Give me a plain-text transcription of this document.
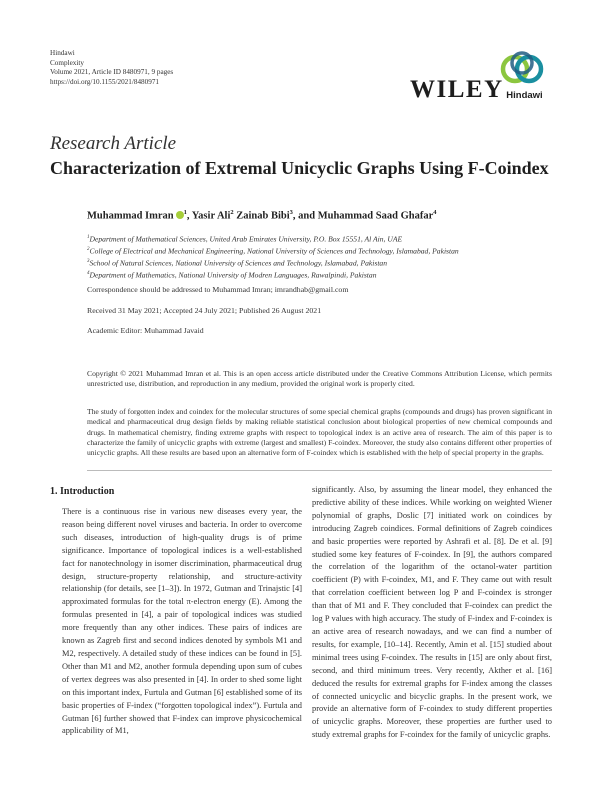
Hindawi
Complexity
Volume 2021, Article ID 8480971, 9 pages
https://doi.org/10.1155/2021/8480971	WILEY Hindawi
Research Article
Characterization of Extremal Unicyclic Graphs Using F-Coindex
Muhammad Imran $^1$, Yasir Ali$^2$ Zainab Bibi$^3$, and Muhammad Saad Ghafar$^4$
$^1$Department of Mathematical Sciences, United Arab Emirates University, P.O. Box 15551, Al Ain, UAE
$^2$College of Electrical and Mechanical Engineering, National University of Sciences and Technology, Islamabad, Pakistan
$^3$School of Natural Sciences, National University of Sciences and Technology, Islamabad, Pakistan
$^4$Department of Mathematics, National University of Modren Languages, Rawalpindi, Pakistan
Correspondence should be addressed to Muhammad Imran; imrandhab@gmail.com
Received 31 May 2021; Accepted 24 July 2021; Published 26 August 2021
Academic Editor: Muhammad Javaid
Copyright © 2021 Muhammad Imran et al. This is an open access article distributed under the Creative Commons Attribution License, which permits unrestricted use, distribution, and reproduction in any medium, provided the original work is properly cited.
The study of forgotten index and coindex for the molecular structures of some special chemical graphs (compounds and drugs) has proven significant in medical and pharmaceutical drug design fields by making reliable statistical conclusion about biological properties of new chemical compounds and drugs. In mathematical chemistry, finding extreme graphs with respect to topological index is an active area of research. The aim of this paper is to characterize the family of unicyclic graphs with extreme (largest and smallest) F-coindex. Moreover, the study also contains different other properties of unicyclic graphs. All these results are based upon an alternative form of F-coindex which is established with the help of special property in the graphs.
1. Introduction
There is a continuous rise in various new diseases every year, the reason being different novel viruses and bacteria. In order to overcome such diseases, introduction of high-quality drugs is of prime significance. Importance of topological indices is a well-established fact for nanotechnology in isomer discrimination, pharmaceutical drug design, structure-property relationship, and structure-activity relationship (for details, see [1–3]). In 1972, Gutman and Trinajstic [4] approximated formulas for the total π-electron energy (E). Among the formulas presented in [4], a pair of topological indices was studied more frequently than any other indices. These pairs of indices are known as Zagreb first and second indices denoted by symbols M1 and M2, respectively. A detailed study of these indices can be found in [5]. Other than M1 and M2, another formula depending upon sum of cubes of vertex degrees was also presented in [4]. In order to shed some light on this important index, Furtula and Gutman [6] established some of its basic properties of F-index (“forgotten topological index”). Furtula and Gutman [6] further showed that F-index can improve physicochemical applicability of M1,
significantly. Also, by assuming the linear model, they enhanced the predictive ability of these indices. While working on weighted Wiener polynomial of graphs, Doslic [7] initiated work on coindices by introducing Zagreb coindices. Formal definitions of Zagreb coindices and basic properties were reported by Ashrafi et al. [8]. De et al. [9] studied some key features of F-coindex. In [9], the authors compared the correlation of the logarithm of the octanol-water partition coefficient (P) with F-coindex, M1, and F. They came out with result that correlation coefficient between log P and F-coindex is stronger than that of M1 and F. They concluded that F-coindex can predict the log P values with high accuracy. The study of F-index and F-coindex is an active area of research nowadays, and we can find a number of results, for example, [10–14]. Recently, Amin et al. [15] studied about minimal trees using F-coindex. The results in [15] are only about first, second, and third minimum trees. Very recently, Akther et al. [16] deduced the results for extremal graphs for F-index among the classes of connected unicyclic and bicyclic graphs. In the present work, we provide an alternative form of F-coindex to study different properties of unicyclic graphs. Moreover, these properties are further used to study extremal graphs for F-coindex for the family of unicyclic graphs.
